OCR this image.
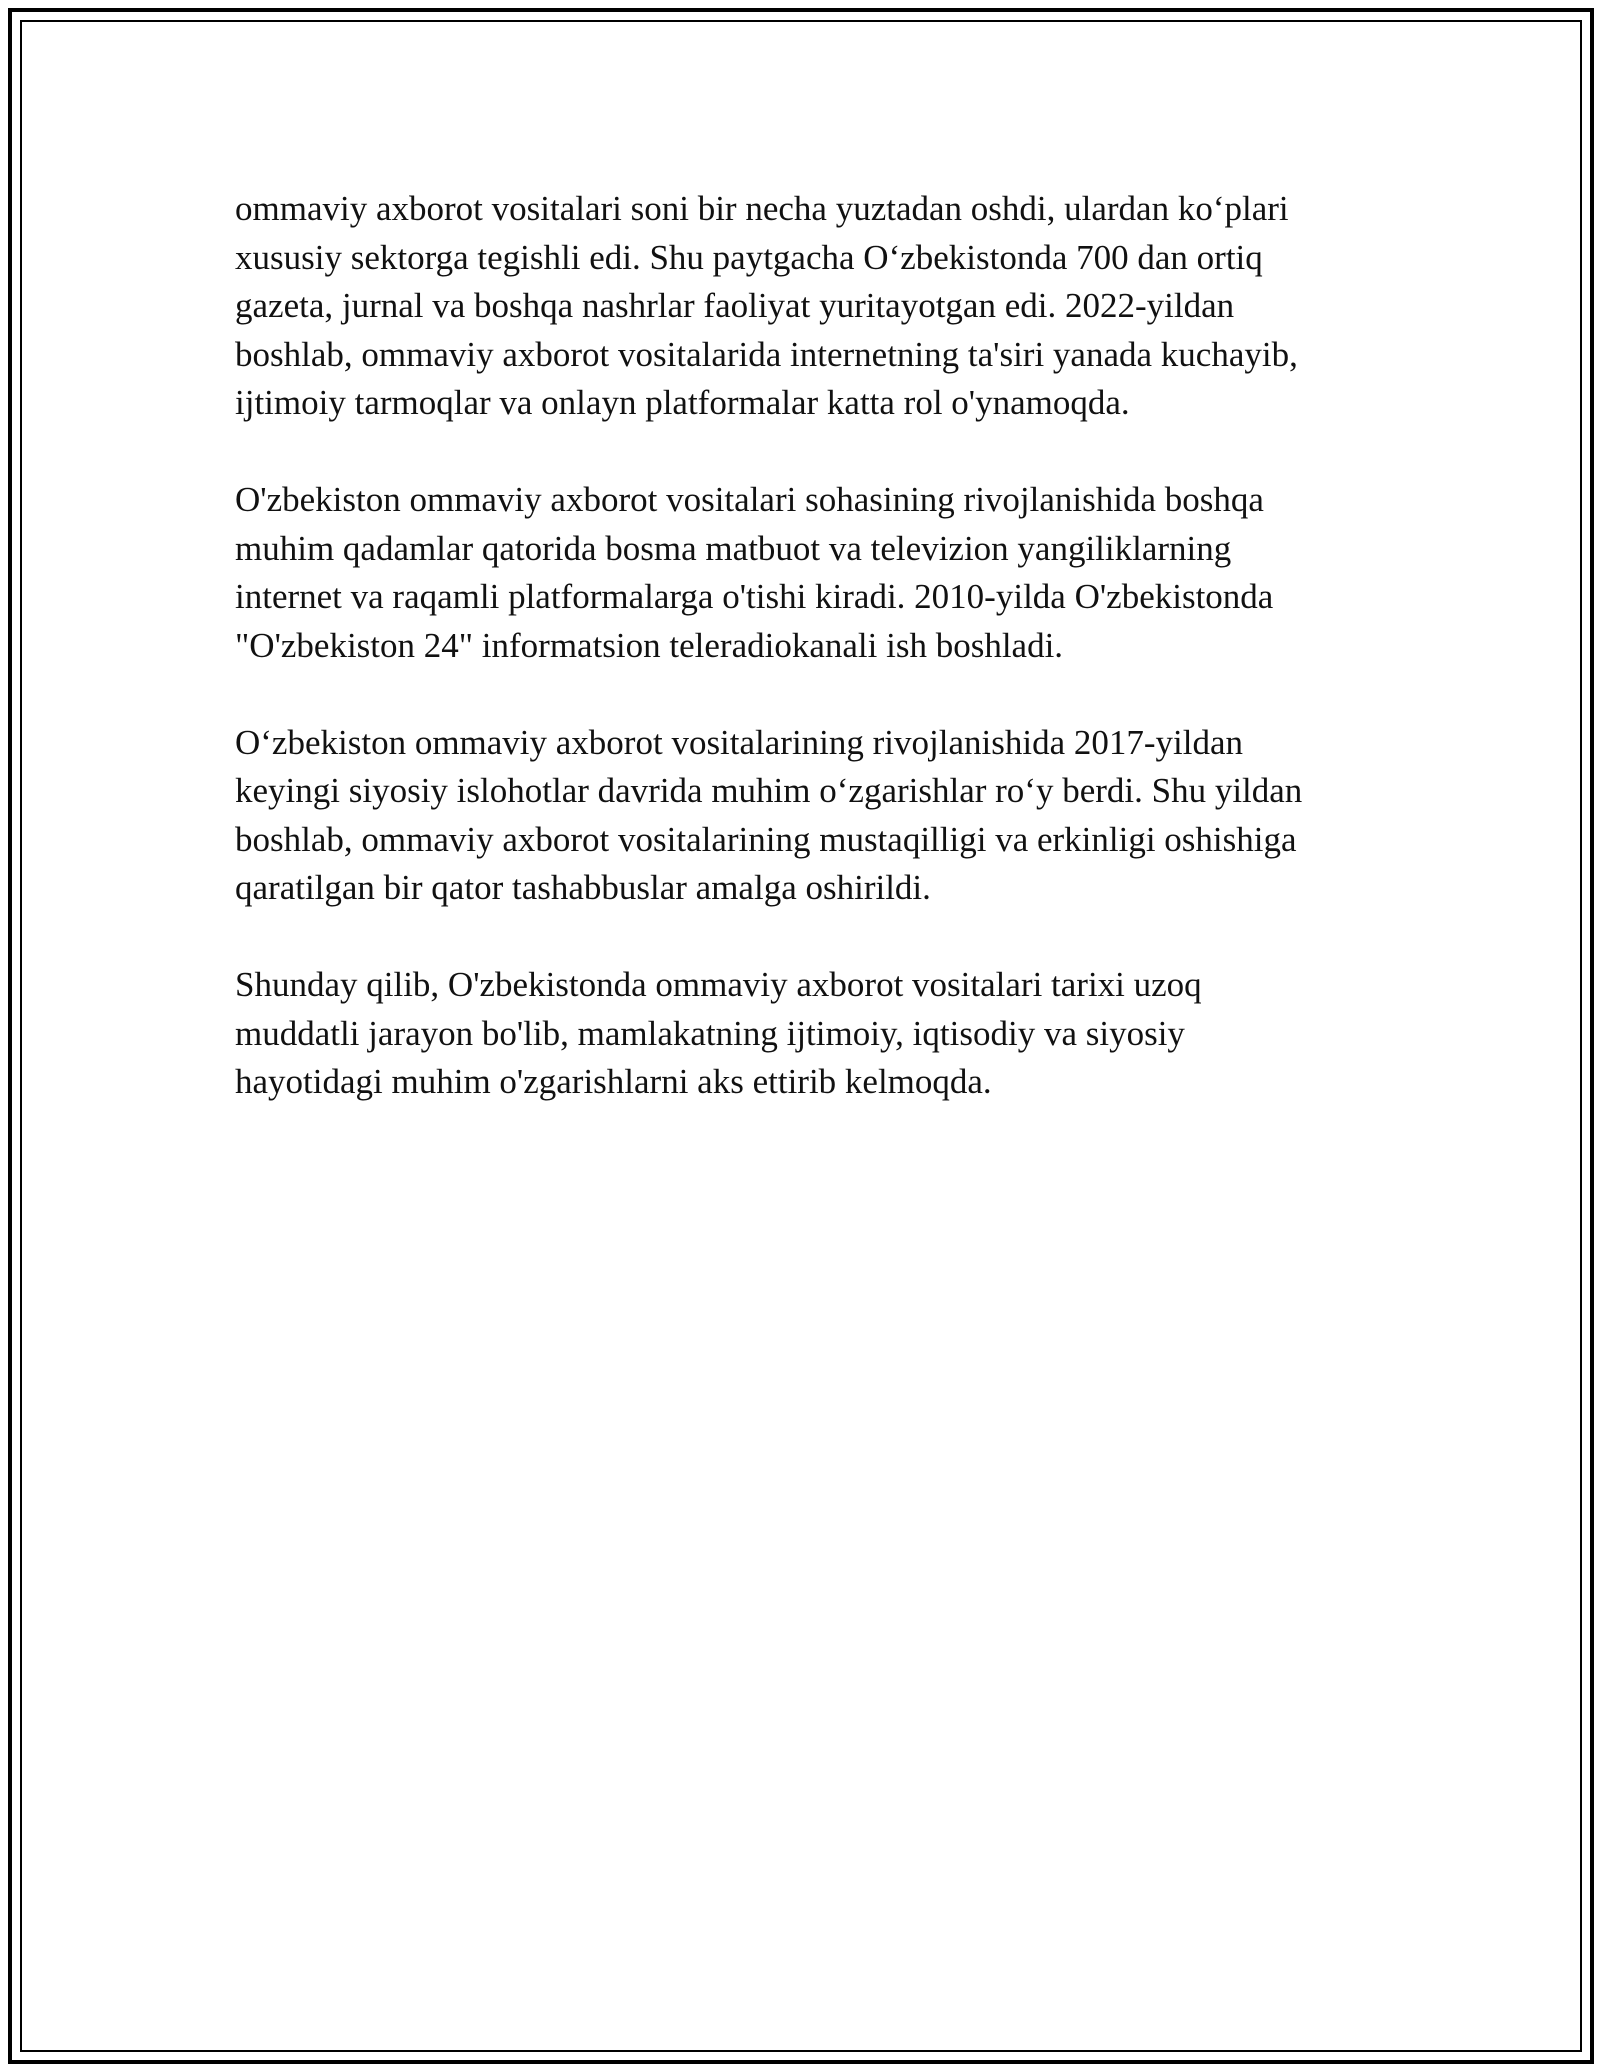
ommaviy axborot vositalari soni bir necha yuztadan oshdi, ulardan ko‘plari
xususiy sektorga tegishli edi. Shu paytgacha O‘zbekistonda 700 dan ortiq
gazeta, jurnal va boshqa nashrlar faoliyat yuritayotgan edi. 2022-yildan
boshlab, ommaviy axborot vositalarida internetning ta'siri yanada kuchayib,
ijtimoiy tarmoqlar va onlayn platformalar katta rol o'ynamoqda.

O'zbekiston ommaviy axborot vositalari sohasining rivojlanishida boshqa
muhim qadamlar qatorida bosma matbuot va televizion yangiliklarning
internet va raqamli platformalarga o'tishi kiradi. 2010-yilda O'zbekistonda
"O'zbekiston 24" informatsion teleradiokanali ish boshladi.

O‘zbekiston ommaviy axborot vositalarining rivojlanishida 2017-yildan
keyingi siyosiy islohotlar davrida muhim o‘zgarishlar ro‘y berdi. Shu yildan
boshlab, ommaviy axborot vositalarining mustaqilligi va erkinligi oshishiga
qaratilgan bir qator tashabbuslar amalga oshirildi.

Shunday qilib, O'zbekistonda ommaviy axborot vositalari tarixi uzoq
muddatli jarayon bo'lib, mamlakatning ijtimoiy, iqtisodiy va siyosiy
hayotidagi muhim o'zgarishlarni aks ettirib kelmoqda.
